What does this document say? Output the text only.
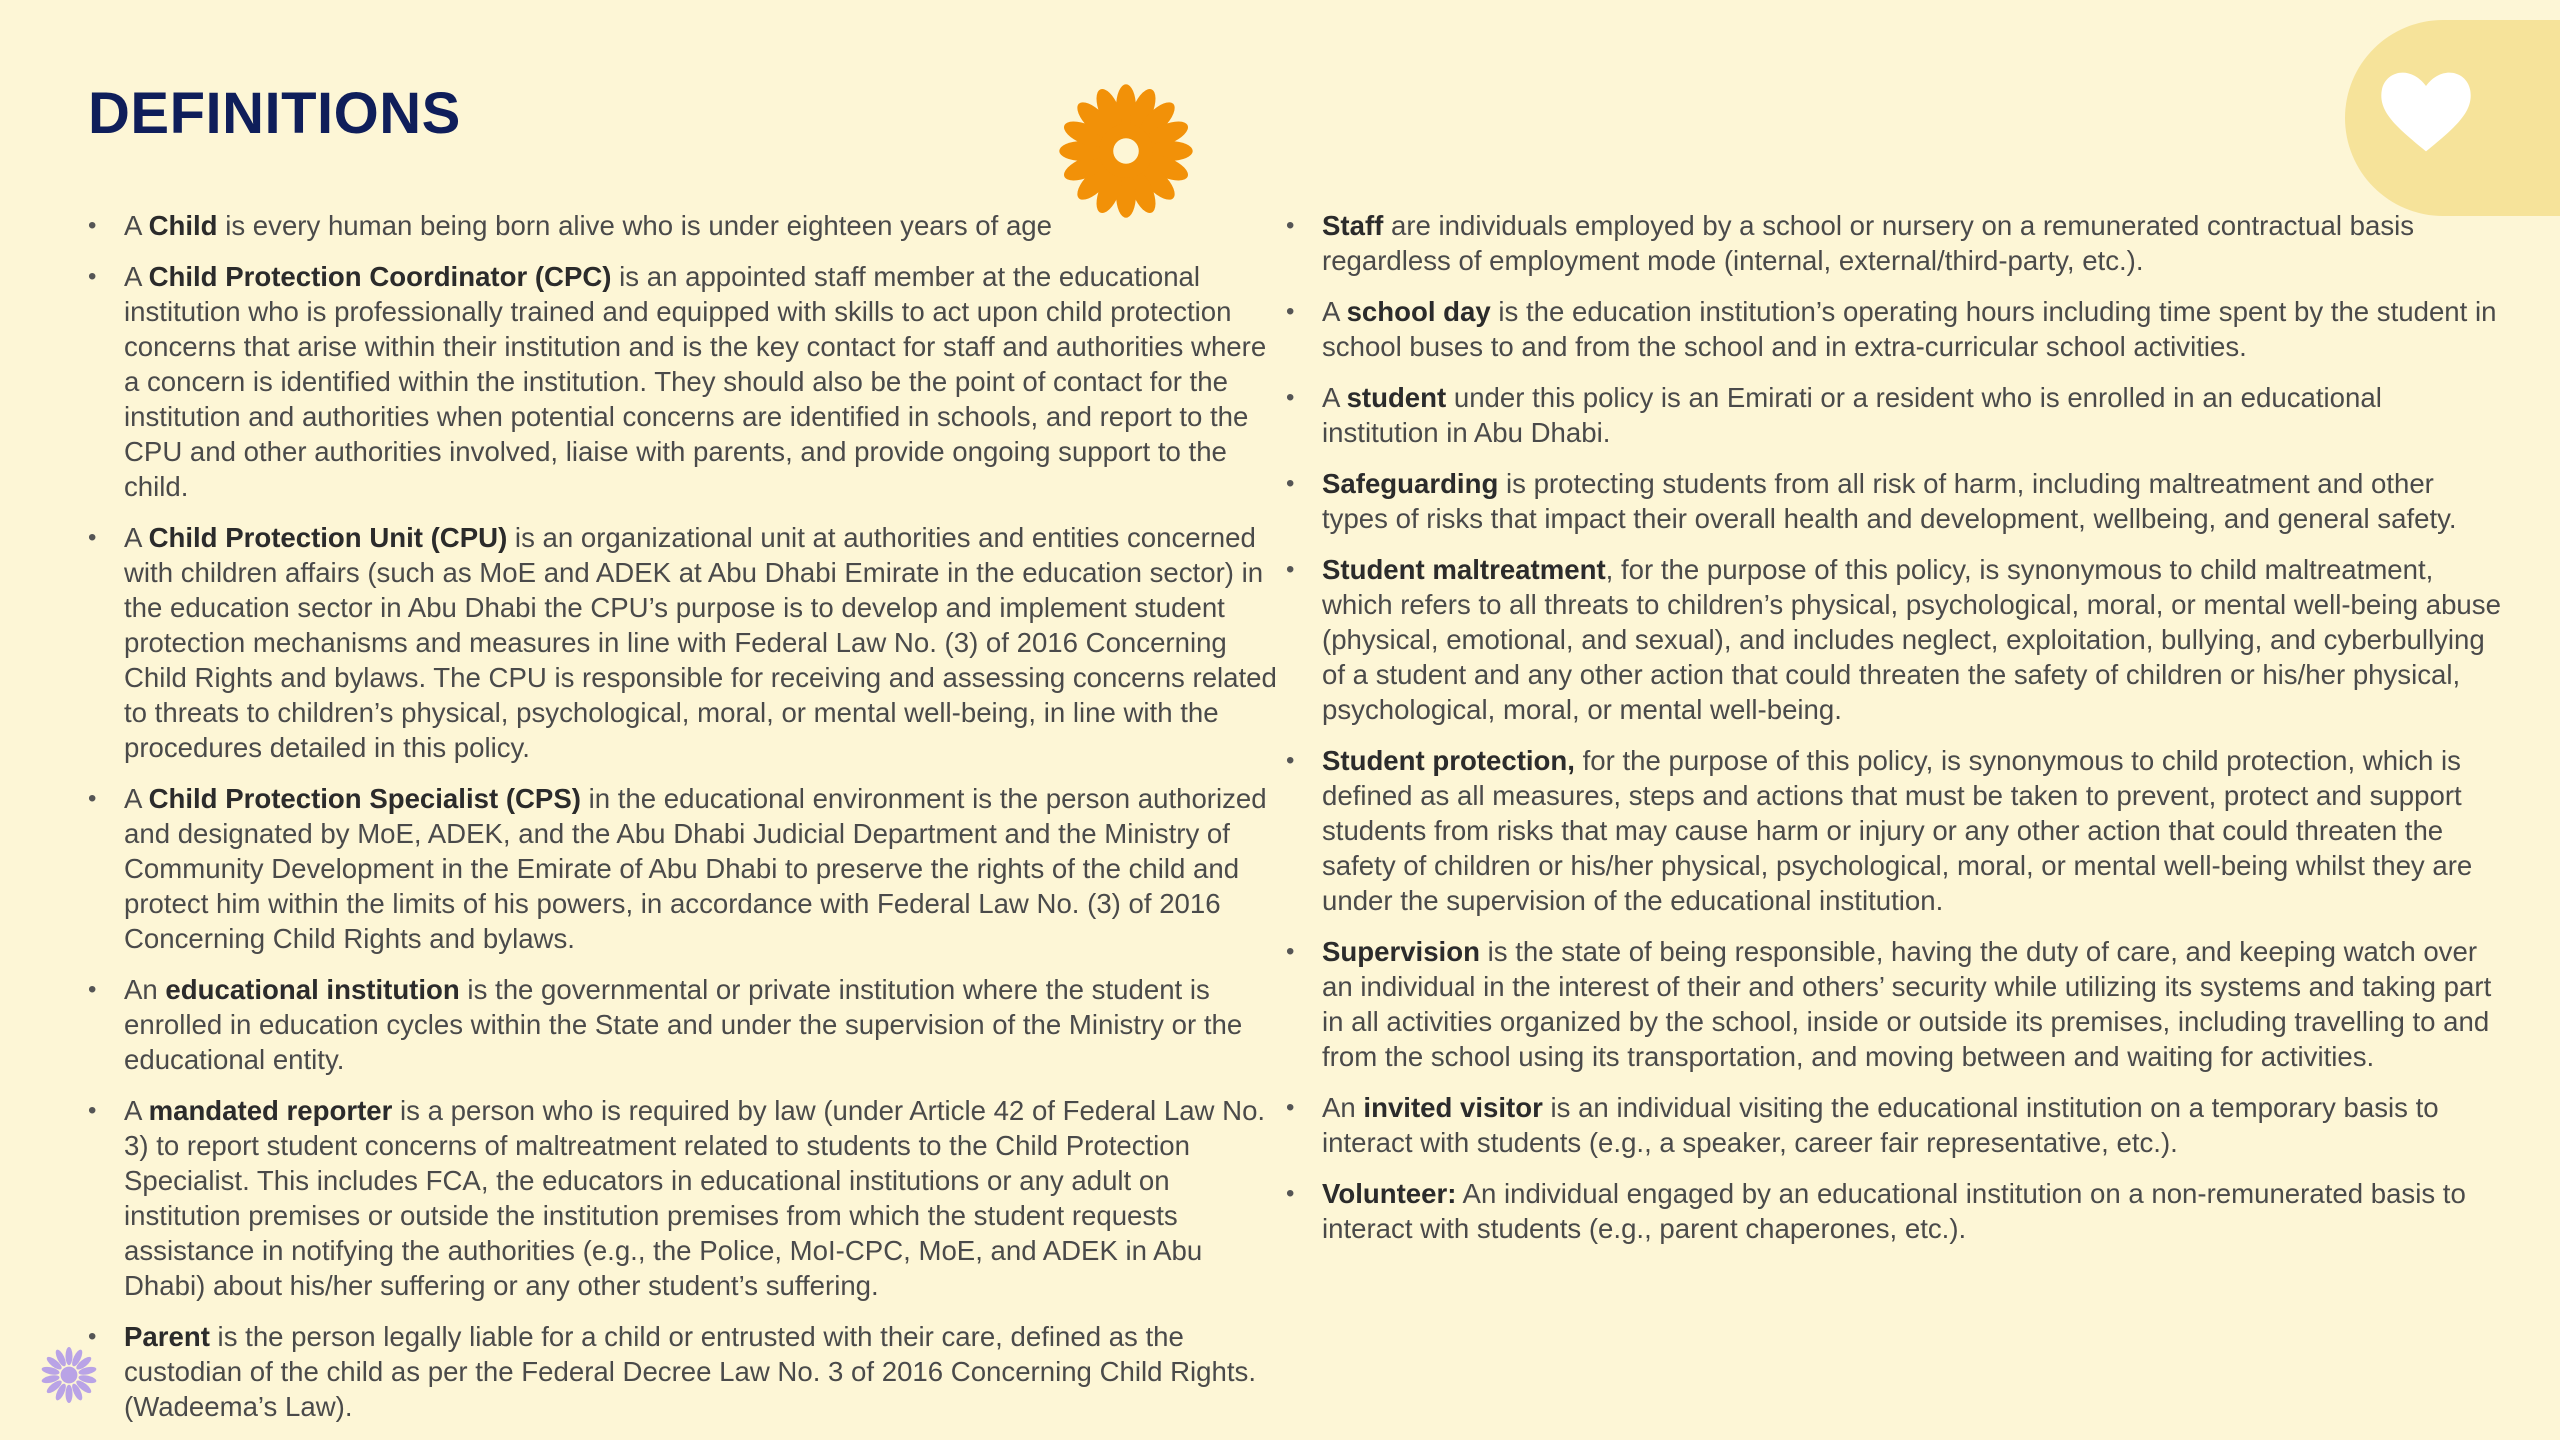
DEFINITIONS
• A Child is every human being born alive who is under eighteen years of age
• A Child Protection Coordinator (CPC) is an appointed staff member at the educational institution who is professionally trained and equipped with skills to act upon child protection concerns that arise within their institution and is the key contact for staff and authorities where a concern is identified within the institution. They should also be the point of contact for the institution and authorities when potential concerns are identified in schools, and report to the CPU and other authorities involved, liaise with parents, and provide ongoing support to the child.
• A Child Protection Unit (CPU) is an organizational unit at authorities and entities concerned with children affairs (such as MoE and ADEK at Abu Dhabi Emirate in the education sector) in the education sector in Abu Dhabi the CPU’s purpose is to develop and implement student protection mechanisms and measures in line with Federal Law No. (3) of 2016 Concerning Child Rights and bylaws. The CPU is responsible for receiving and assessing concerns related to threats to children’s physical, psychological, moral, or mental well-being, in line with the procedures detailed in this policy.
• A Child Protection Specialist (CPS) in the educational environment is the person authorized and designated by MoE, ADEK, and the Abu Dhabi Judicial Department and the Ministry of Community Development in the Emirate of Abu Dhabi to preserve the rights of the child and protect him within the limits of his powers, in accordance with Federal Law No. (3) of 2016 Concerning Child Rights and bylaws.
• An educational institution is the governmental or private institution where the student is enrolled in education cycles within the State and under the supervision of the Ministry or the educational entity.
• A mandated reporter is a person who is required by law (under Article 42 of Federal Law No. 3) to report student concerns of maltreatment related to students to the Child Protection Specialist. This includes FCA, the educators in educational institutions or any adult on institution premises or outside the institution premises from which the student requests assistance in notifying the authorities (e.g., the Police, MoI-CPC, MoE, and ADEK in Abu Dhabi) about his/her suffering or any other student’s suffering.
• Parent is the person legally liable for a child or entrusted with their care, defined as the custodian of the child as per the Federal Decree Law No. 3 of 2016 Concerning Child Rights. (Wadeema’s Law).
• Staff are individuals employed by a school or nursery on a remunerated contractual basis regardless of employment mode (internal, external/third-party, etc.).
• A school day is the education institution’s operating hours including time spent by the student in school buses to and from the school and in extra-curricular school activities.
• A student under this policy is an Emirati or a resident who is enrolled in an educational institution in Abu Dhabi.
• Safeguarding is protecting students from all risk of harm, including maltreatment and other types of risks that impact their overall health and development, wellbeing, and general safety.
• Student maltreatment, for the purpose of this policy, is synonymous to child maltreatment, which refers to all threats to children’s physical, psychological, moral, or mental well-being abuse (physical, emotional, and sexual), and includes neglect, exploitation, bullying, and cyberbullying of a student and any other action that could threaten the safety of children or his/her physical, psychological, moral, or mental well-being.
• Student protection, for the purpose of this policy, is synonymous to child protection, which is defined as all measures, steps and actions that must be taken to prevent, protect and support students from risks that may cause harm or injury or any other action that could threaten the safety of children or his/her physical, psychological, moral, or mental well-being whilst they are under the supervision of the educational institution.
• Supervision is the state of being responsible, having the duty of care, and keeping watch over an individual in the interest of their and others’ security while utilizing its systems and taking part in all activities organized by the school, inside or outside its premises, including travelling to and from the school using its transportation, and moving between and waiting for activities.
• An invited visitor is an individual visiting the educational institution on a temporary basis to interact with students (e.g., a speaker, career fair representative, etc.).
• Volunteer: An individual engaged by an educational institution on a non-remunerated basis to interact with students (e.g., parent chaperones, etc.).
